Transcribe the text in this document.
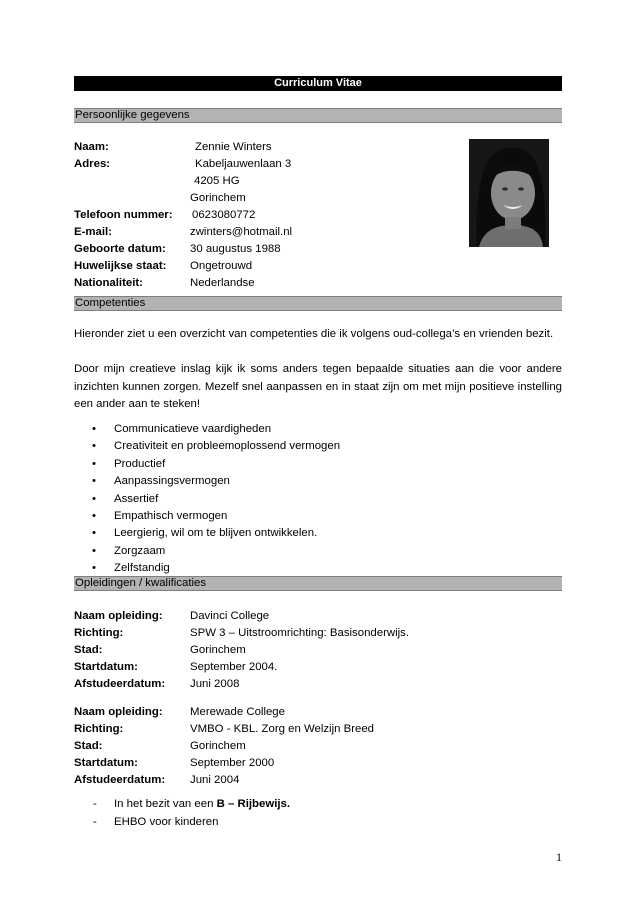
Curriculum Vitae
Persoonlijke gegevens
Naam:	Zennie Winters
Adres:	Kabeljauwenlaan 3
4205 HG
Gorinchem
Telefoon nummer: 0623080772
E-mail:	zwinters@hotmail.nl
Geboorte datum: 30 augustus 1988
Huwelijkse staat: Ongetrouwd
Nationaliteit:	Nederlandse
Competenties
Hieronder ziet u een overzicht van competenties die ik volgens oud-collega’s en vrienden bezit.
Door mijn creatieve inslag kijk ik soms anders tegen bepaalde situaties aan die voor andere inzichten kunnen zorgen. Mezelf snel aanpassen en in staat zijn om met mijn positieve instelling een ander aan te steken!
• Communicatieve vaardigheden
• Creativiteit en probleemoplossend vermogen
• Productief
• Aanpassingsvermogen
• Assertief
• Empathisch vermogen
• Leergierig, wil om te blijven ontwikkelen.
• Zorgzaam
• Zelfstandig
Opleidingen / kwalificaties
Naam opleiding: Davinci College
Richting:	SPW 3 – Uitstroomrichting: Basisonderwijs.
Stad:	Gorinchem
Startdatum:	September 2004.
Afstudeerdatum: Juni 2008
Naam opleiding: Merewade College
Richting:	VMBO - KBL. Zorg en Welzijn Breed
Stad:	Gorinchem
Startdatum:	September 2000
Afstudeerdatum: Juni 2004
- In het bezit van een B – Rijbewijs.
- EHBO voor kinderen
1
